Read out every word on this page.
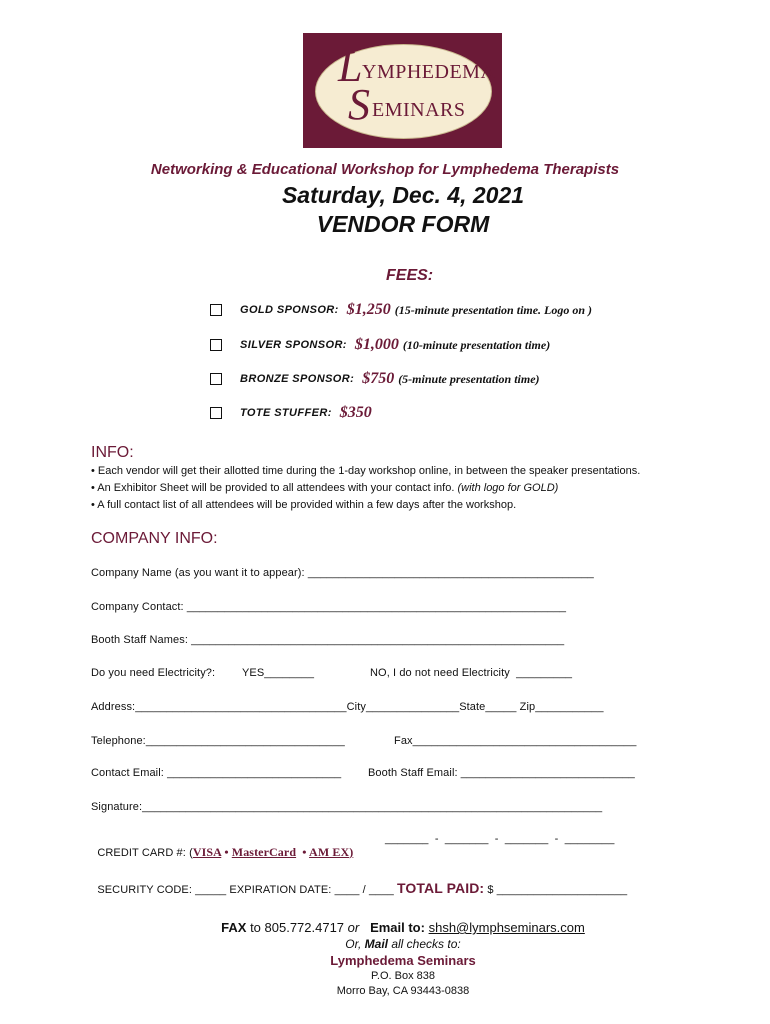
L YMPHEDEMA
S EMINARS
Networking & Educational Workshop for Lymphedema Therapists
Saturday, Dec. 4, 2021
VENDOR FORM
FEES:
GOLD SPONSOR: $1,250 (15-minute presentation time. Logo on )
SILVER SPONSOR: $1,000 (10-minute presentation time)
BRONZE SPONSOR: $750 (5-minute presentation time)
TOTE STUFFER: $350
INFO:
• Each vendor will get their allotted time during the 1-day workshop online, in between the speaker presentations.
• An Exhibitor Sheet will be provided to all attendees with your contact info. (with logo for GOLD)
• A full contact list of all attendees will be provided within a few days after the workshop.
COMPANY INFO:
Company Name (as you want it to appear): ______________________________________________
Company Contact: _____________________________________________________________
Booth Staff Names: ____________________________________________________________
Do you need Electricity?: YES________	NO, I do not need Electricity  _________
Address:__________________________________City_______________State_____ Zip___________
Telephone:________________________________	Fax____________________________________
Contact Email: ____________________________ Booth Staff Email: ____________________________
Signature:__________________________________________________________________________

CREDIT CARD #: (VISA • MasterCard  • AM EX)

_______  -  _______  -  _______  -  ________

SECURITY CODE: _____ EXPIRATION DATE: ____ / ____ TOTAL PAID: $ _____________________

FAX to 805.772.4717 or Email to: shsh@lymphseminars.com
Or, Mail all checks to:
Lymphedema Seminars
P.O. Box 838
Morro Bay, CA 93443-0838
